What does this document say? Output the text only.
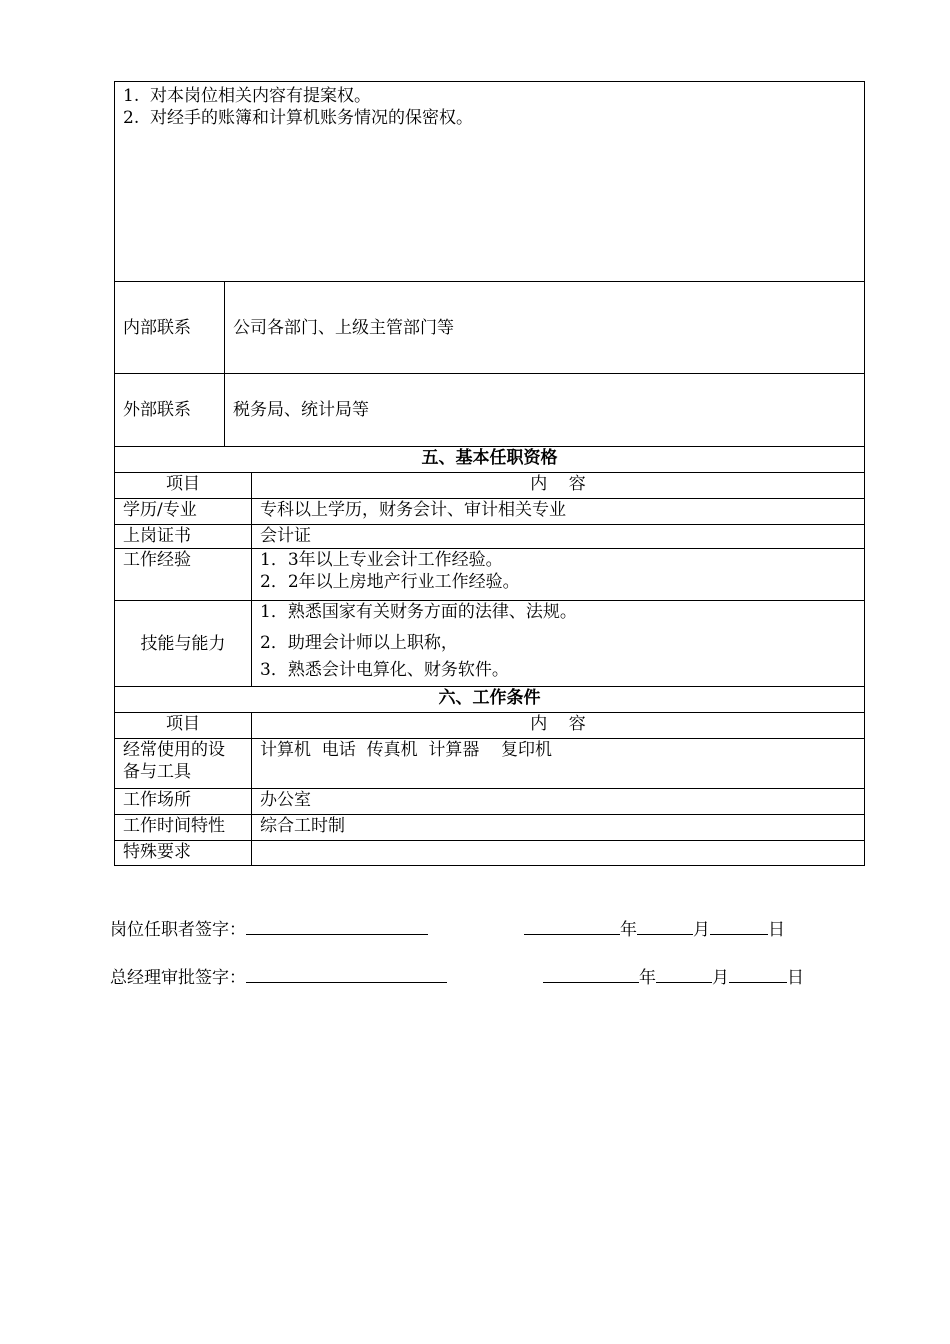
1.  对本岗位相关内容有提案权。
2.  对经手的账簿和计算机账务情况的保密权。	

内部联系	公司各部门、上级主管部门等
外部联系	税务局、统计局等
五、基本任职资格	
项目	内    容
学历/专业	专科以上学历，财务会计、审计相关专业

上岗证书	会计证

工作经验	1．3年以上专业会计工作经验。
2．2年以上房地产行业工作经验。

技能与能力	1．熟悉国家有关财务方面的法律、法规。
2．助理会计师以上职称，
3．熟悉会计电算化、财务软件。

六、工作条件	
项目	内    容

经常使用的设
备与工具	计算机  电话  传真机  计算器    复印机
工作场所	办公室
工作时间特性	综合工时制
特殊要求	
岗位任职者签字：	年	月	日
总经理审批签字：	年	月	日
